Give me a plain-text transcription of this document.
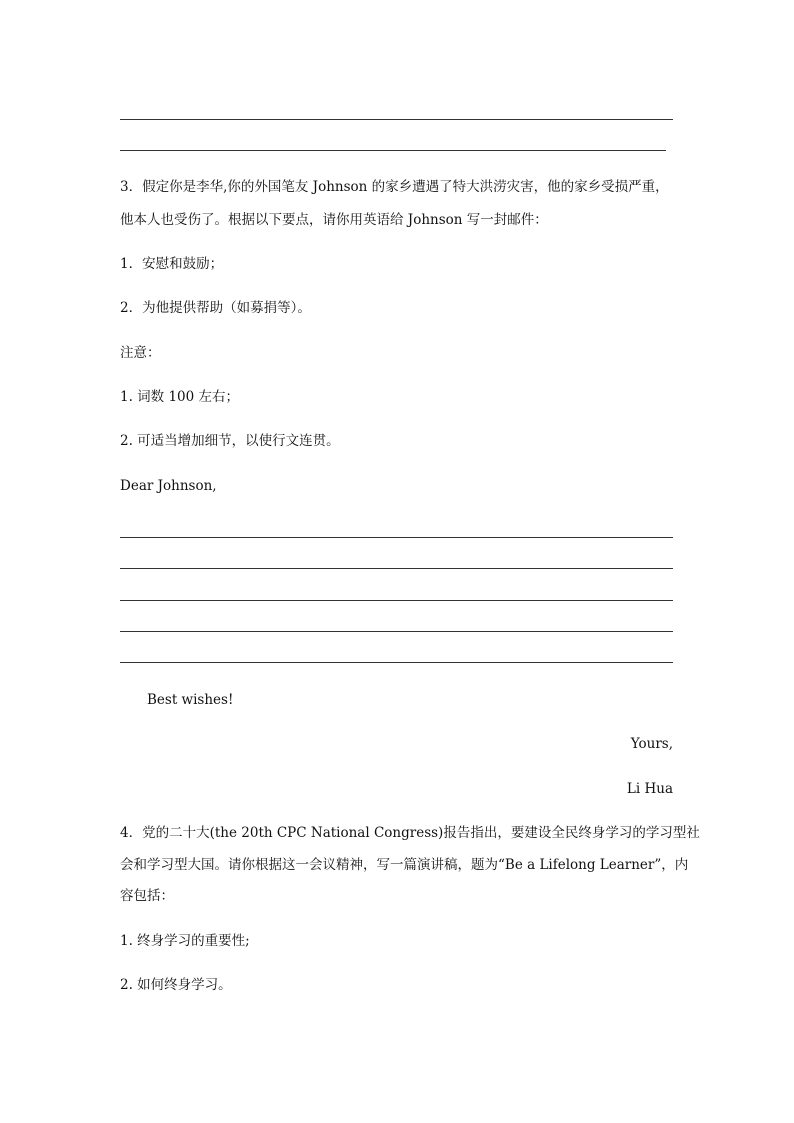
3．假定你是李华,你的外国笔友 Johnson 的家乡遭遇了特大洪涝灾害，他的家乡受损严重，
他本人也受伤了。根据以下要点，请你用英语给 Johnson 写一封邮件：
1．安慰和鼓励；
2．为他提供帮助（如募捐等）。
注意：
1. 词数 100 左右；
2. 可适当增加细节，以使行文连贯。
Dear Johnson,
Best wishes!
Yours,
Li Hua
4．党的二十大(the 20th CPC National Congress)报告指出，要建设全民终身学习的学习型社
会和学习型大国。请你根据这一会议精神，写一篇演讲稿，题为“Be a Lifelong Learner”，内
容包括：
1. 终身学习的重要性;
2. 如何终身学习。
